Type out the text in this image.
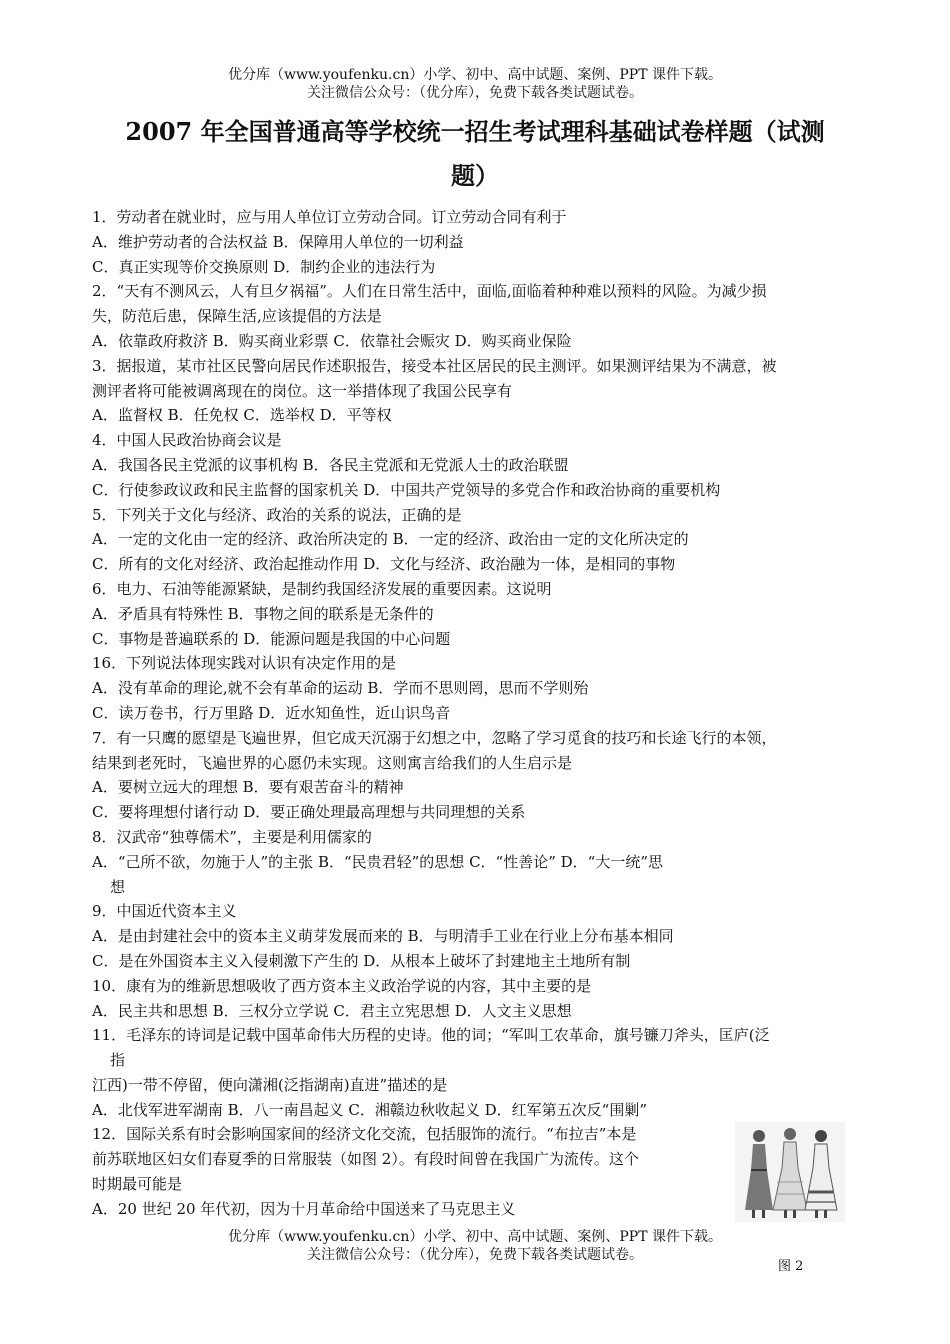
优分库（www.youfenku.cn）小学、初中、高中试题、案例、PPT 课件下载。
关注微信公众号：（优分库），免费下载各类试题试卷。
2007 年全国普通高等学校统一招生考试理科基础试卷样题（试测
题）
1．劳动者在就业时，应与用人单位订立劳动合同。订立劳动合同有利于
A．维护劳动者的合法权益 B．保障用人单位的一切利益
C．真正实现等价交换原则 D．制约企业的违法行为
2．“天有不测风云，人有旦夕祸福”。人们在日常生活中，面临,面临着种种难以预料的风险。为减少损
失，防范后患，保障生活,应该提倡的方法是
A．依靠政府救济 B．购买商业彩票 C．依靠社会赈灾 D．购买商业保险
3．据报道，某市社区民警向居民作述职报告，接受本社区居民的民主测评。如果测评结果为不满意，被
测评者将可能被调离现在的岗位。这一举措体现了我国公民享有
A．监督权 B．任免权 C．选举权 D．平等权
4．中国人民政治协商会议是
A．我国各民主党派的议事机构 B．各民主党派和无党派人士的政治联盟
C．行使参政议政和民主监督的国家机关 D．中国共产党领导的多党合作和政治协商的重要机构
5．下列关于文化与经济、政治的关系的说法，正确的是
A．一定的文化由一定的经济、政治所决定的 B．一定的经济、政治由一定的文化所决定的
C．所有的文化对经济、政治起推动作用 D．文化与经济、政治融为一体，是相同的事物
6．电力、石油等能源紧缺，是制约我国经济发展的重要因素。这说明
A．矛盾具有特殊性 B．事物之间的联系是无条件的
C．事物是普遍联系的 D．能源问题是我国的中心问题
16．下列说法体现实践对认识有决定作用的是
A．没有革命的理论,就不会有革命的运动 B．学而不思则罔，思而不学则殆
C．读万卷书，行万里路 D．近水知鱼性，近山识鸟音
7．有一只鹰的愿望是飞遍世界，但它成天沉溺于幻想之中，忽略了学习觅食的技巧和长途飞行的本领，
结果到老死时，飞遍世界的心愿仍未实现。这则寓言给我们的人生启示是
A．要树立远大的理想 B．要有艰苦奋斗的精神
C．要将理想付诸行动 D．要正确处理最高理想与共同理想的关系
8．汉武帝“独尊儒术”，主要是利用儒家的
A．“己所不欲，勿施于人”的主张 B．“民贵君轻”的思想 C．“性善论” D．“大一统”思
想
9．中国近代资本主义
A．是由封建社会中的资本主义萌芽发展而来的 B．与明清手工业在行业上分布基本相同
C．是在外国资本主义入侵刺激下产生的 D．从根本上破坏了封建地主土地所有制
10．康有为的维新思想吸收了西方资本主义政治学说的内容，其中主要的是
A．民主共和思想 B．三权分立学说 C．君主立宪思想 D．人文主义思想
11．毛泽东的诗词是记载中国革命伟大历程的史诗。他的词；“军叫工农革命，旗号镰刀斧头，匡庐(泛
指
江西)一带不停留，便向潇湘(泛指湖南)直进”描述的是
A．北伐军进军湖南 B．八一南昌起义 C．湘赣边秋收起义 D．红军第五次反“围剿”
12．国际关系有时会影响国家间的经济文化交流，包括服饰的流行。“布拉吉”本是
前苏联地区妇女们春夏季的日常服装（如图 2）。有段时间曾在我国广为流传。这个
时期最可能是
A．20 世纪 20 年代初，因为十月革命给中国送来了马克思主义
图 2
优分库（www.youfenku.cn）小学、初中、高中试题、案例、PPT 课件下载。
关注微信公众号：（优分库），免费下载各类试题试卷。
